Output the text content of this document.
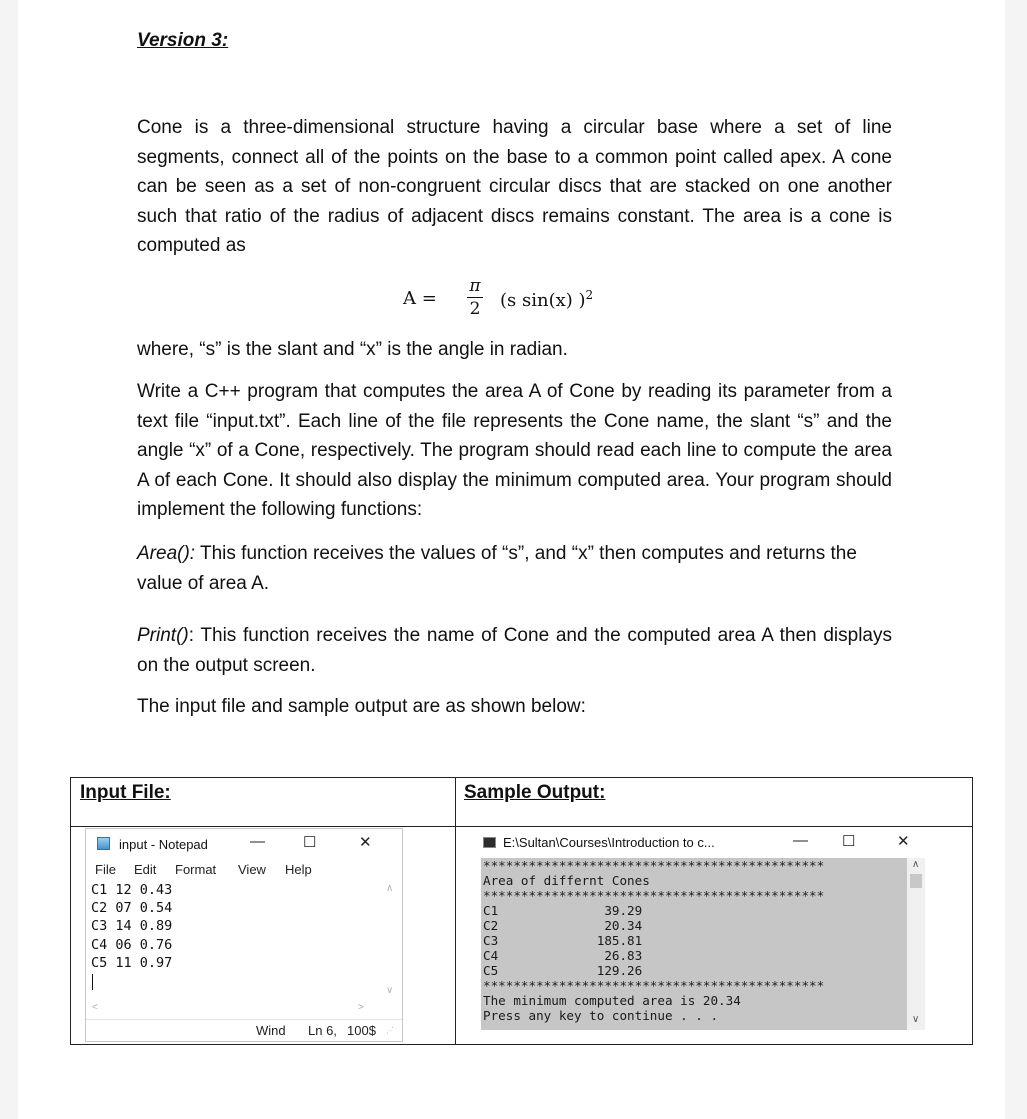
Version 3:
Cone is a three-dimensional structure having a circular base where a set of line segments, connect all of the points on the base to a common point called apex. A cone can be seen as a set of non-congruent circular discs that are stacked on one another such that ratio of the radius of adjacent discs remains constant. The area is a cone is computed as
A =
π
2 (s sin(x) )$^2$
where, “s” is the slant and “x” is the angle in radian.
Write a C++ program that computes the area A of Cone by reading its parameter from a text file “input.txt”. Each line of the file represents the Cone name, the slant “s” and the angle “x” of a Cone, respectively. The program should read each line to compute the area A of each Cone. It should also display the minimum computed area. Your program should implement the following functions:
Area(): This function receives the values of “s”, and “x” then computes and returns the value of area A.
Print(): This function receives the name of Cone and the computed area A then displays on the output screen.
The input file and sample output are as shown below:
Input File:	Sample Output:
input - Notepad	—	☐	✕
File Edit Format View Help
C1 12 0.43
C2 07 0.54
C3 14 0.89
C4 06 0.76
C5 11 0.97
∧
∨
<	>
Wind Ln 6, 100$ ⋰
E:\Sultan\Courses\Introduction to c...	— ☐	✕
*********************************************
Area of differnt Cones
*********************************************
C1              39.29
C2              20.34
C3             185.81
C4              26.83
C5             129.26
*********************************************
The minimum computed area is 20.34
Press any key to continue . . .
∧
∨
